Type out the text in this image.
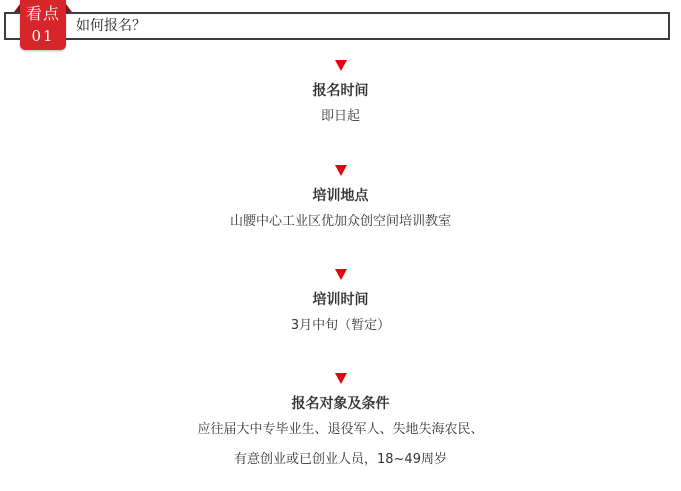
看点
01
如何报名？
报名时间
即日起
培训地点
山腰中心工业区优加众创空间培训教室
培训时间
3月中旬（暂定）
报名对象及条件
应往届大中专毕业生、退役军人、失地失海农民、
有意创业或已创业人员，18~49周岁
